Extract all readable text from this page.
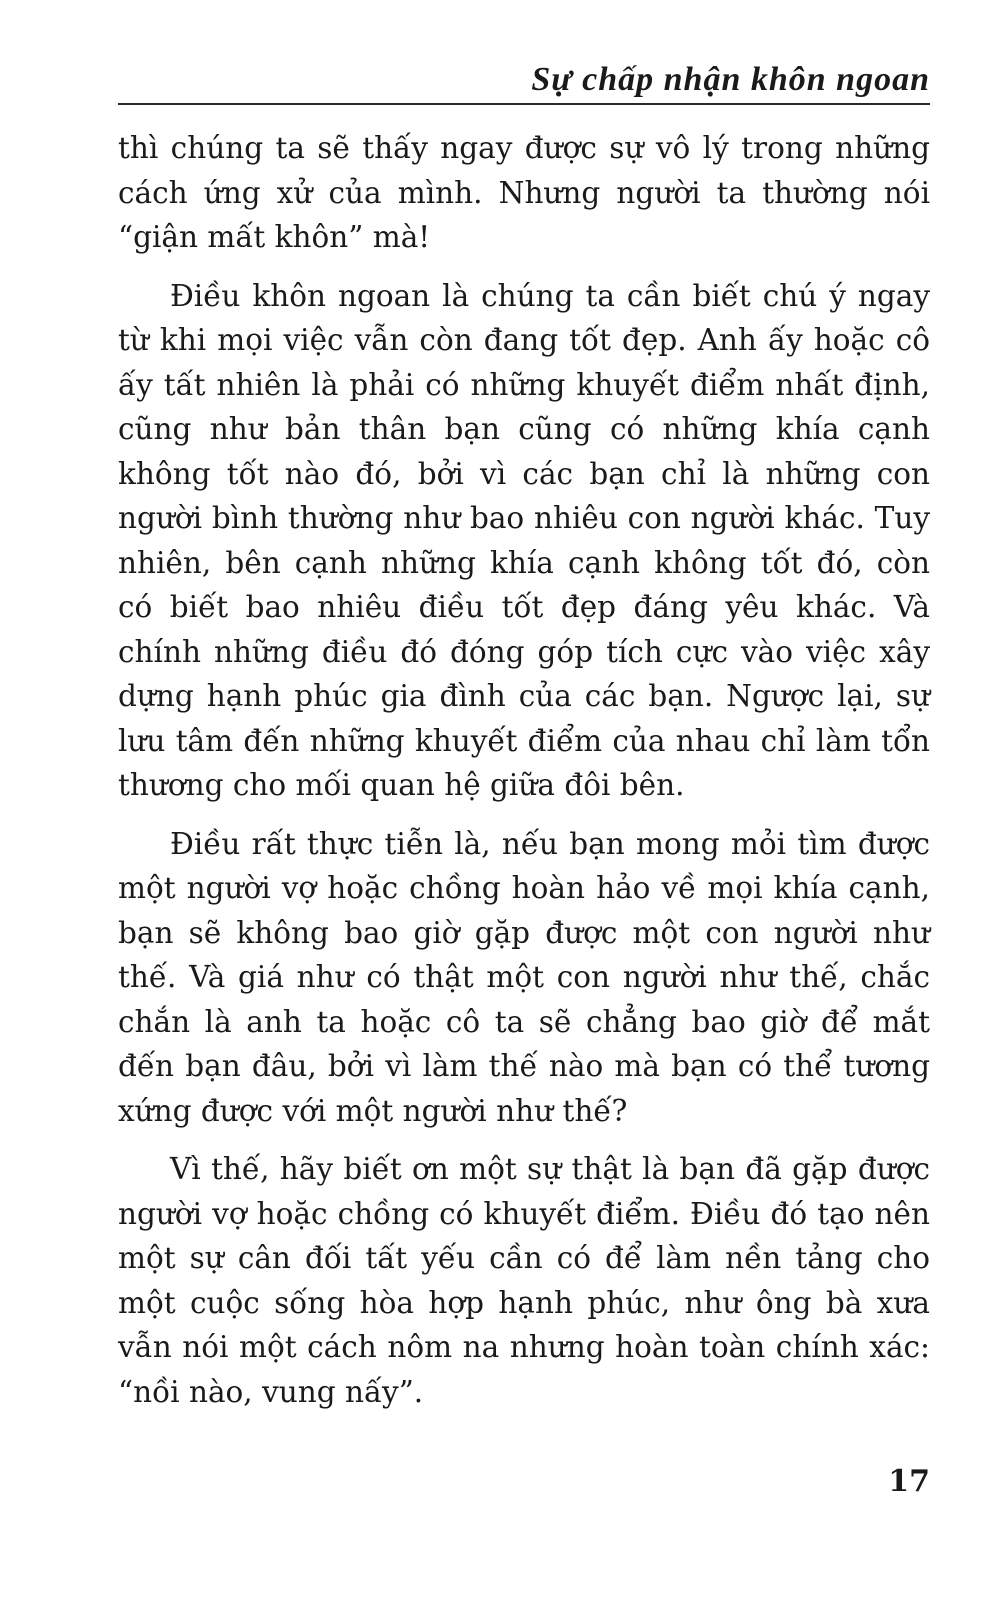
Sự chấp nhận khôn ngoan

thì chúng ta sẽ thấy ngay được sự vô lý trong những cách ứng xử của mình. Nhưng người ta thường nói “giận mất khôn” mà!

Điều khôn ngoan là chúng ta cần biết chú ý ngay từ khi mọi việc vẫn còn đang tốt đẹp. Anh ấy hoặc cô ấy tất nhiên là phải có những khuyết điểm nhất định, cũng như bản thân bạn cũng có những khía cạnh không tốt nào đó, bởi vì các bạn chỉ là những con người bình thường như bao nhiêu con người khác. Tuy nhiên, bên cạnh những khía cạnh không tốt đó, còn có biết bao nhiêu điều tốt đẹp đáng yêu khác. Và chính những điều đó đóng góp tích cực vào việc xây dựng hạnh phúc gia đình của các bạn. Ngược lại, sự lưu tâm đến những khuyết điểm của nhau chỉ làm tổn thương cho mối quan hệ giữa đôi bên.

Điều rất thực tiễn là, nếu bạn mong mỏi tìm được một người vợ hoặc chồng hoàn hảo về mọi khía cạnh, bạn sẽ không bao giờ gặp được một con người như thế. Và giá như có thật một con người như thế, chắc chắn là anh ta hoặc cô ta sẽ chẳng bao giờ để mắt đến bạn đâu, bởi vì làm thế nào mà bạn có thể tương xứng được với một người như thế?

Vì thế, hãy biết ơn một sự thật là bạn đã gặp được người vợ hoặc chồng có khuyết điểm. Điều đó tạo nên một sự cân đối tất yếu cần có để làm nền tảng cho một cuộc sống hòa hợp hạnh phúc, như ông bà xưa vẫn nói một cách nôm na nhưng hoàn toàn chính xác: “nồi nào, vung nấy”.

17
